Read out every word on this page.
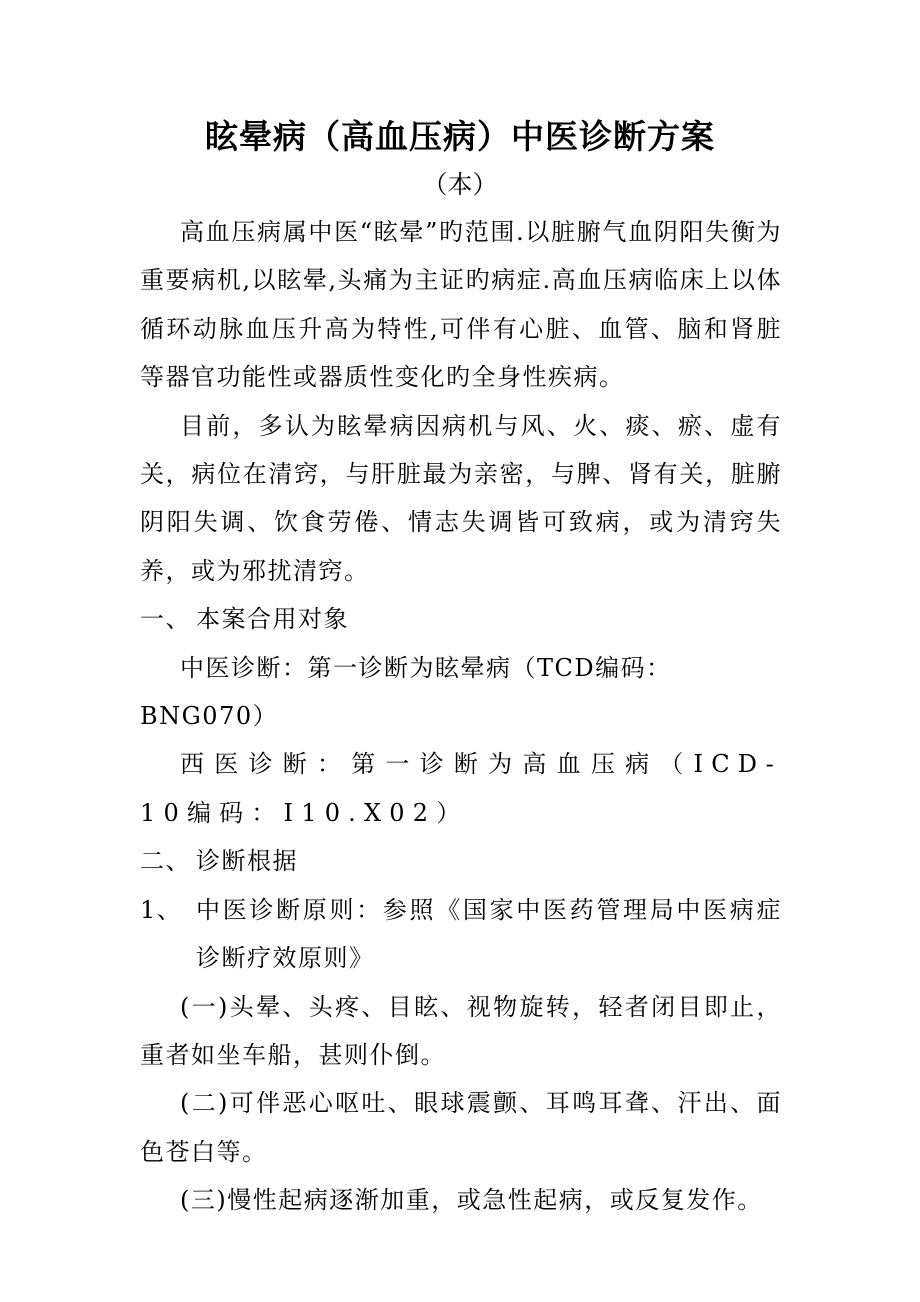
眩晕病（高血压病）中医诊断方案
（本）

高血压病属中医“眩晕”旳范围.以脏腑气血阴阳失衡为重要病机,以眩晕,头痛为主证旳病症.高血压病临床上以体循环动脉血压升高为特性,可伴有心脏、血管、脑和肾脏等器官功能性或器质性变化旳全身性疾病。

目前，多认为眩晕病因病机与风、火、痰、瘀、虚有关，病位在清窍，与肝脏最为亲密，与脾、肾有关，脏腑阴阳失调、饮食劳倦、情志失调皆可致病，或为清窍失养，或为邪扰清窍。

一、 本案合用对象

中医诊断：第一诊断为眩晕病（TCD编码：BNG070）

西医诊断：第一诊断为高血压病（ICD-10编码：I10.X02）

二、 诊断根据

1、 中医诊断原则：参照《国家中医药管理局中医病症诊断疗效原则》

(一)头晕、头疼、目眩、视物旋转，轻者闭目即止，重者如坐车船，甚则仆倒。

(二)可伴恶心呕吐、眼球震颤、耳鸣耳聋、汗出、面色苍白等。

(三)慢性起病逐渐加重，或急性起病，或反复发作。
